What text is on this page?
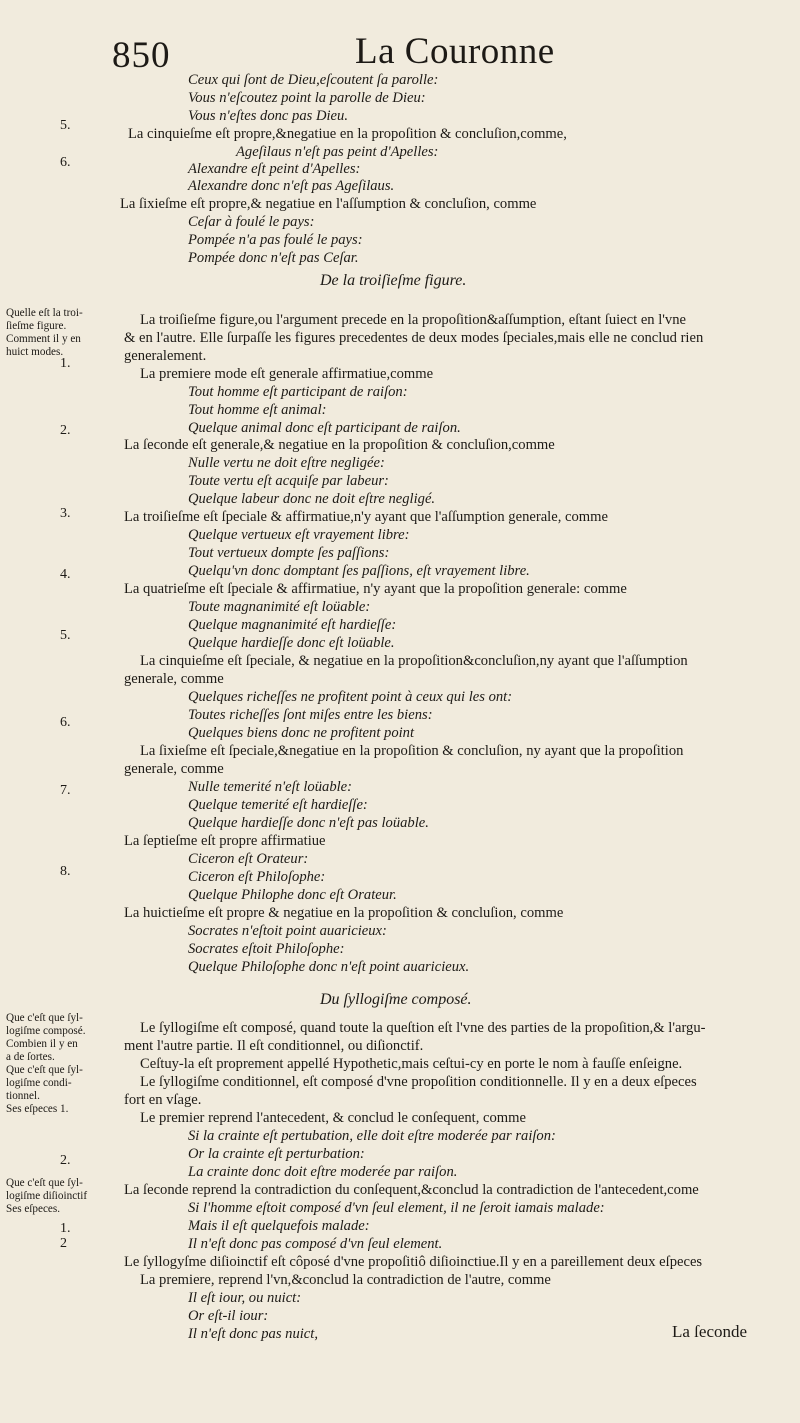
850	La Couronne
5.
6.
1.
2.
3.
4.
5.
6.
7.
8.
2.
1.
2
Quelle eſt la troi-
ſieſme figure.
Comment il y en
huict modes.
Que c'eſt que ſyl-
logiſme composé.
Combien il y en
a de ſortes.
Que c'eſt que ſyl-
logiſme condi-
tionnel.
Ses eſpeces 1.
Que c'eſt que ſyl-
logiſme diſioinctif
Ses eſpeces.
Ceux qui ſont de Dieu,eſcoutent ſa parolle:
Vous n'eſcoutez point la parolle de Dieu:
Vous n'eſtes donc pas Dieu.
La cinquieſme eſt propre,&negatiue en la propoſition & concluſion,comme,
Ageſilaus n'eſt pas peint d'Apelles:
Alexandre eſt peint d'Apelles:
Alexandre donc n'eſt pas Ageſilaus.
La ſixieſme eſt propre,& negatiue en l'aſſumption & concluſion, comme
Ceſar à foulé le pays:
Pompée n'a pas foulé le pays:
Pompée donc n'eſt pas Ceſar.
De la troiſieſme figure.
La troiſieſme figure,ou l'argument precede en la propoſition&aſſumption, eſtant ſuiect en l'vne
& en l'autre. Elle ſurpaſſe les figures precedentes de deux modes ſpeciales,mais elle ne conclud rien
generalement.
La premiere mode eſt generale affirmatiue,comme
Tout homme eſt participant de raiſon:
Tout homme eſt animal:
Quelque animal donc eſt participant de raiſon.
La ſeconde eſt generale,& negatiue en la propoſition & concluſion,comme
Nulle vertu ne doit eſtre negligée:
Toute vertu eſt acquiſe par labeur:
Quelque labeur donc ne doit eſtre negligé.
La troiſieſme eſt ſpeciale & affirmatiue,n'y ayant que l'aſſumption generale, comme
Quelque vertueux eſt vrayement libre:
Tout vertueux dompte ſes paſſions:
Quelqu'vn donc domptant ſes paſſions, eſt vrayement libre.
La quatrieſme eſt ſpeciale & affirmatiue, n'y ayant que la propoſition generale: comme
Toute magnanimité eſt loüable:
Quelque magnanimité eſt hardieſſe:
Quelque hardieſſe donc eſt loüable.
La cinquieſme eſt ſpeciale, & negatiue en la propoſition&concluſion,ny ayant que l'aſſumption
generale, comme
Quelques richeſſes ne profitent point à ceux qui les ont:
Toutes richeſſes ſont miſes entre les biens:
Quelques biens donc ne profitent point
La ſixieſme eſt ſpeciale,&negatiue en la propoſition & concluſion, ny ayant que la propoſition
generale, comme
Nulle temerité n'eſt loüable:
Quelque temerité eſt hardieſſe:
Quelque hardieſſe donc n'eſt pas loüable.
La ſeptieſme eſt propre affirmatiue
Ciceron eſt Orateur:
Ciceron eſt Philoſophe:
Quelque Philophe donc eſt Orateur.
La huictieſme eſt propre & negatiue en la propoſition & concluſion, comme
Socrates n'eſtoit point auaricieux:
Socrates eſtoit Philoſophe:
Quelque Philoſophe donc n'eſt point auaricieux.
Du ſyllogiſme composé.
Le ſyllogiſme eſt composé, quand toute la queſtion eſt l'vne des parties de la propoſition,& l'argu-
ment l'autre partie. Il eſt conditionnel, ou diſionctif.
Ceſtuy-la eſt proprement appellé Hypothetic,mais ceſtui-cy en porte le nom à fauſſe enſeigne.
Le ſyllogiſme conditionnel, eſt composé d'vne propoſition conditionnelle. Il y en a deux eſpeces
fort en vſage.
Le premier reprend l'antecedent, & conclud le conſequent, comme
Si la crainte eſt pertubation, elle doit eſtre moderée par raiſon:
Or la crainte eſt perturbation:
La crainte donc doit eſtre moderée par raiſon.
La ſeconde reprend la contradiction du conſequent,&conclud la contradiction de l'antecedent,come
Si l'homme eſtoit composé d'vn ſeul element, il ne ſeroit iamais malade:
Mais il eſt quelquefois malade:
Il n'eſt donc pas composé d'vn ſeul element.
Le ſyllogyſme diſioinctif eſt côposé d'vne propoſitiô diſioinctiue.Il y en a pareillement deux eſpeces
La premiere, reprend l'vn,&conclud la contradiction de l'autre, comme
Il eſt iour, ou nuict:
Or eſt-il iour:
Il n'eſt donc pas nuict,	La ſeconde
